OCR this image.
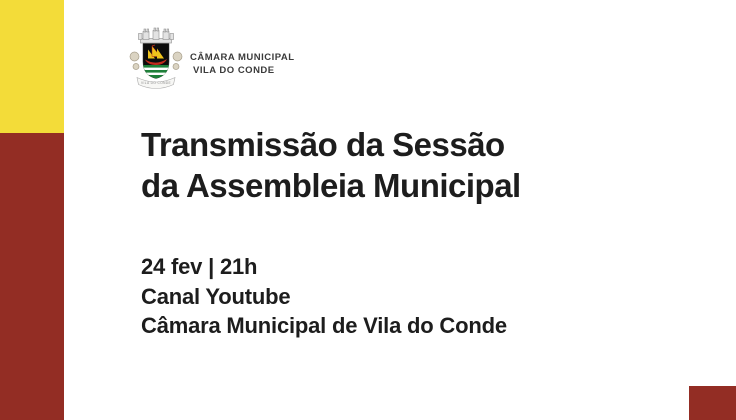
VILA DO CONDE
CÂMARA MUNICIPAL
VILA DO CONDE
Transmissão da Sessão
da Assembleia Municipal
24 fev | 21h
Canal Youtube
Câmara Municipal de Vila do Conde
